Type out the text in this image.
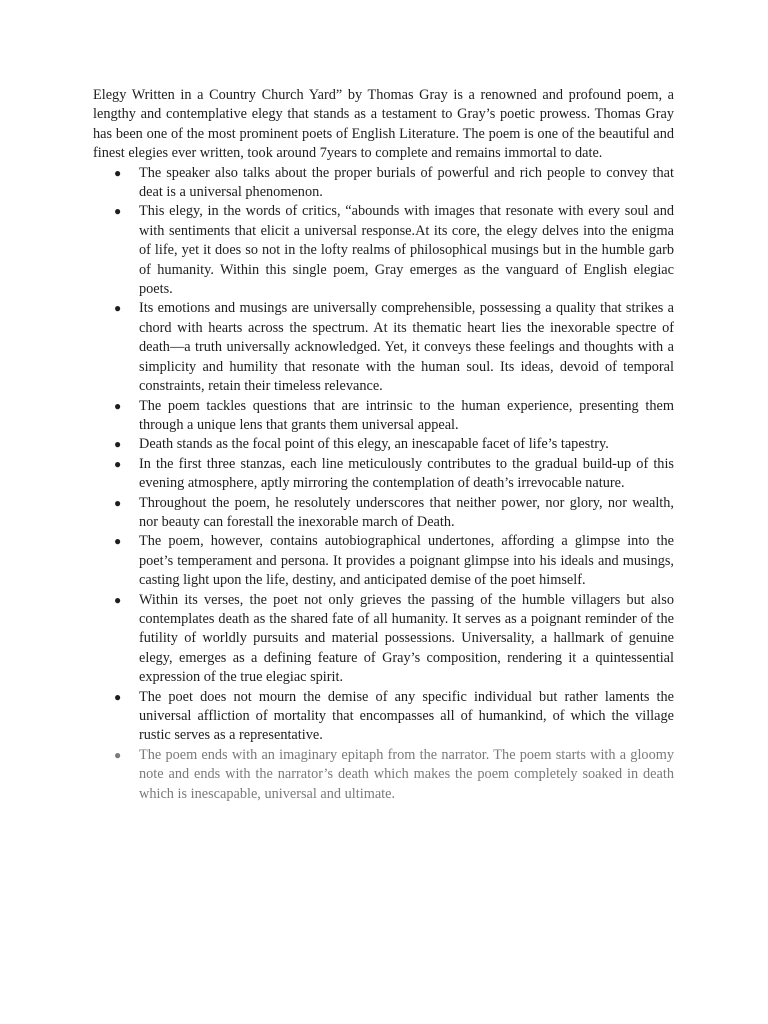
Elegy Written in a Country Church Yard” by Thomas Gray is a renowned and profound poem, a lengthy and contemplative elegy that stands as a testament to Gray’s poetic prowess. Thomas Gray has been one of the most prominent poets of English Literature. The poem is one of the beautiful and finest elegies ever written, took around 7years to complete and remains immortal to date.

● The speaker also talks about the proper burials of powerful and rich people to convey that deat is a universal phenomenon.
● This elegy, in the words of critics, “abounds with images that resonate with every soul and with sentiments that elicit a universal response.At its core, the elegy delves into the enigma of life, yet it does so not in the lofty realms of philosophical musings but in the humble garb of humanity. Within this single poem, Gray emerges as the vanguard of English elegiac poets.
● Its emotions and musings are universally comprehensible, possessing a quality that strikes a chord with hearts across the spectrum. At its thematic heart lies the inexorable spectre of death—a truth universally acknowledged. Yet, it conveys these feelings and thoughts with a simplicity and humility that resonate with the human soul. Its ideas, devoid of temporal constraints, retain their timeless relevance.
● The poem tackles questions that are intrinsic to the human experience, presenting them through a unique lens that grants them universal appeal.
● Death stands as the focal point of this elegy, an inescapable facet of life’s tapestry.
● In the first three stanzas, each line meticulously contributes to the gradual build-up of this evening atmosphere, aptly mirroring the contemplation of death’s irrevocable nature.
● Throughout the poem, he resolutely underscores that neither power, nor glory, nor wealth, nor beauty can forestall the inexorable march of Death.
● The poem, however, contains autobiographical undertones, affording a glimpse into the poet’s temperament and persona. It provides a poignant glimpse into his ideals and musings, casting light upon the life, destiny, and anticipated demise of the poet himself.
● Within its verses, the poet not only grieves the passing of the humble villagers but also contemplates death as the shared fate of all humanity. It serves as a poignant reminder of the futility of worldly pursuits and material possessions. Universality, a hallmark of genuine elegy, emerges as a defining feature of Gray’s composition, rendering it a quintessential expression of the true elegiac spirit.
● The poet does not mourn the demise of any specific individual but rather laments the universal affliction of mortality that encompasses all of humankind, of which the village rustic serves as a representative.
● The poem ends with an imaginary epitaph from the narrator. The poem starts with a gloomy note and ends with the narrator’s death which makes the poem completely soaked in death which is inescapable, universal and ultimate.
